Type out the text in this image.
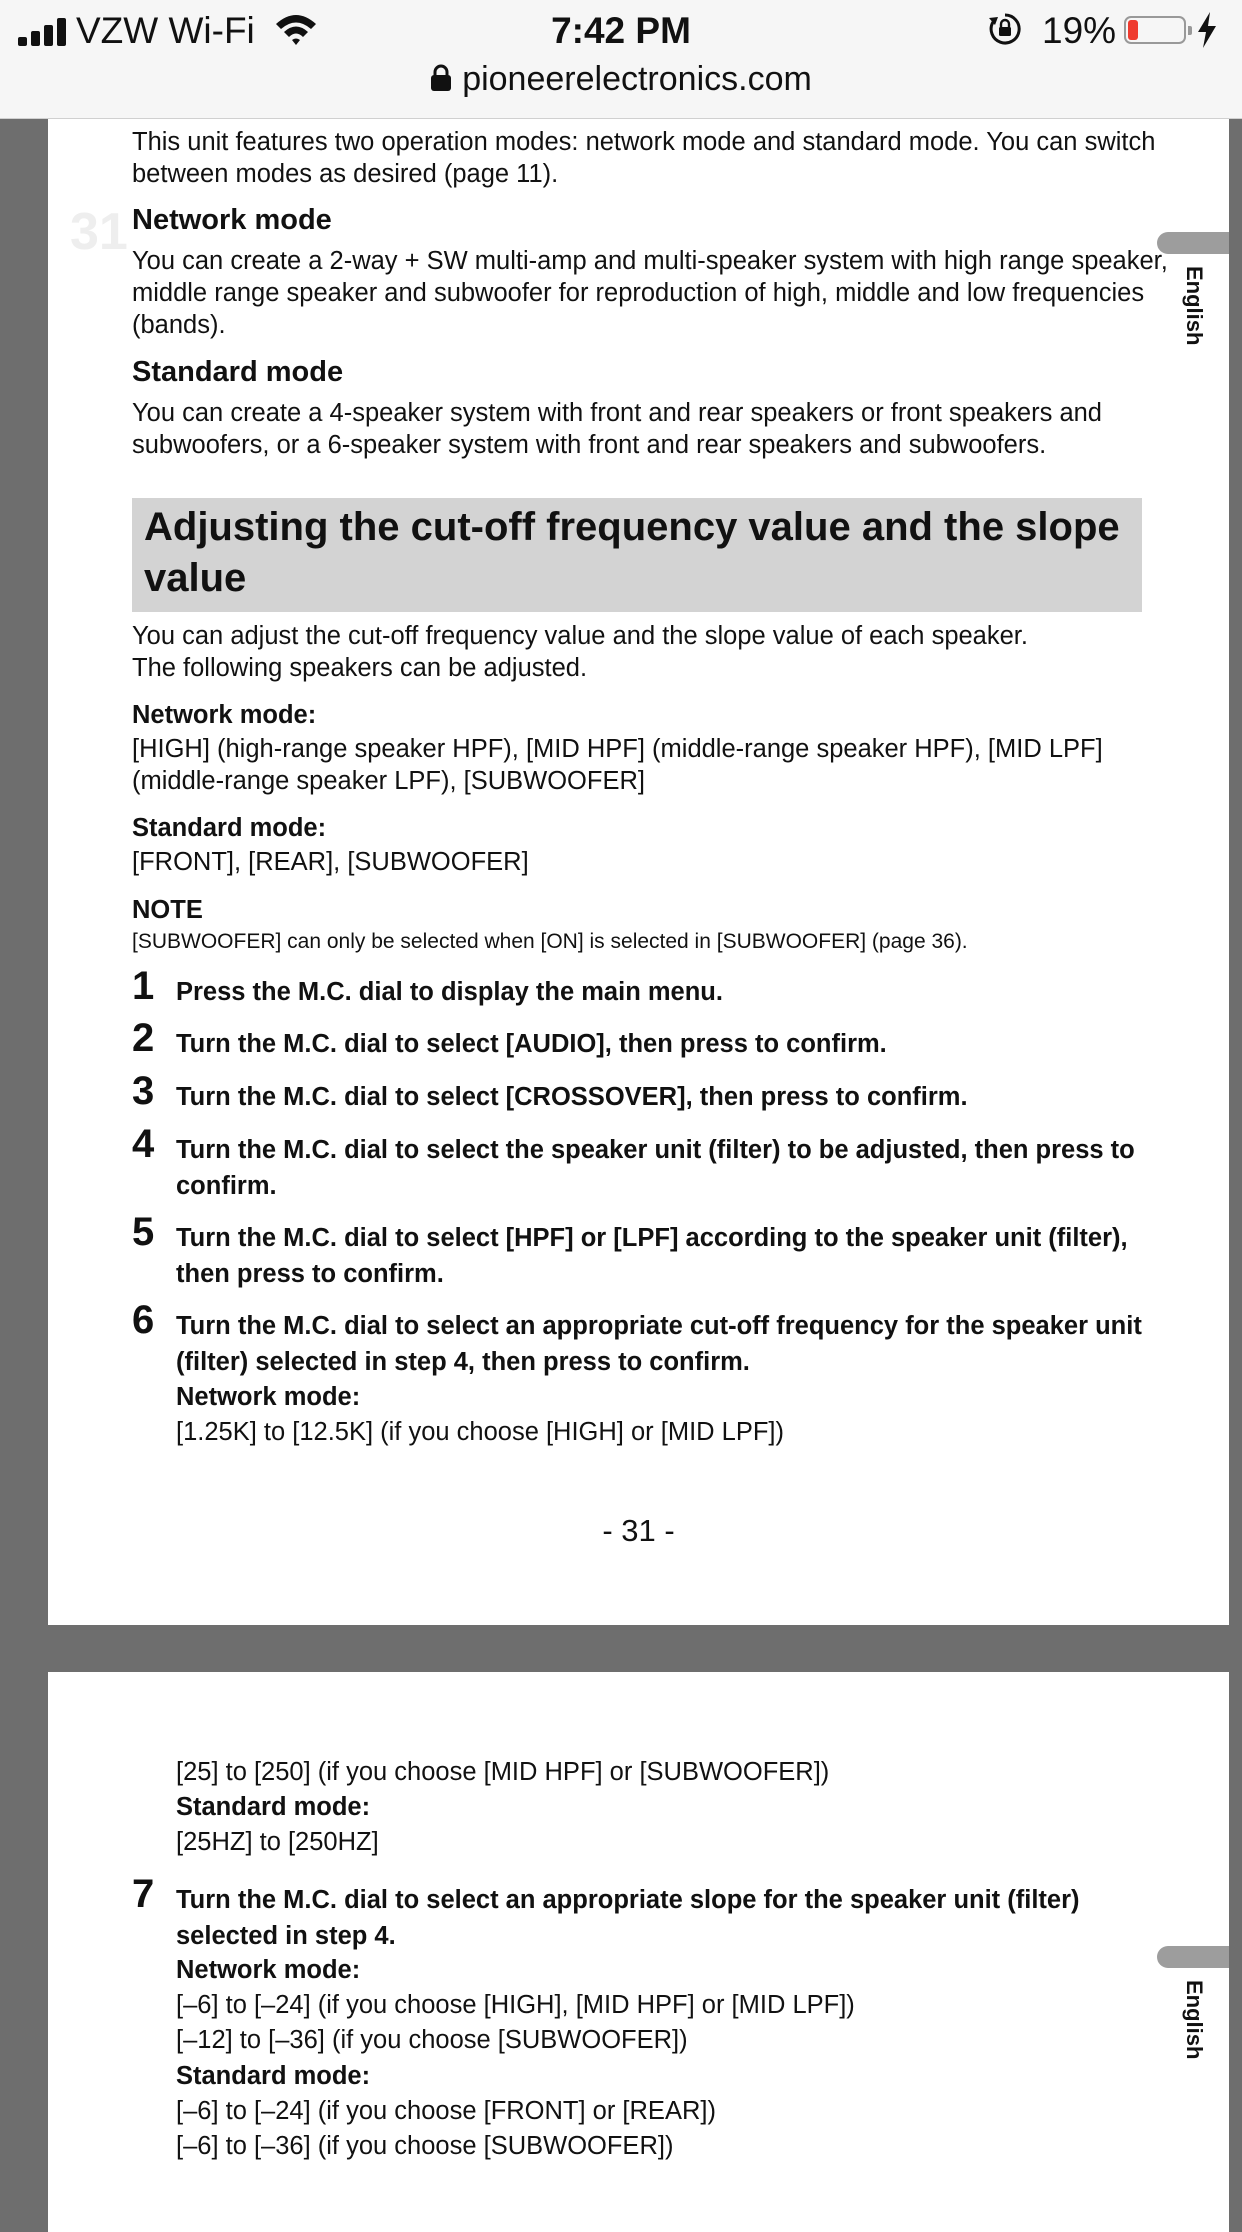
VZW Wi-Fi	7:42 PM	19%
pioneerelectronics.com
31
English

This unit features two operation modes: network mode and standard mode. You can switch between modes as desired (page 11).

Network mode

You can create a 2-way + SW multi-amp and multi-speaker system with high range speaker, middle range speaker and subwoofer for reproduction of high, middle and low frequencies (bands).

Standard mode

You can create a 4-speaker system with front and rear speakers or front speakers and subwoofers, or a 6-speaker system with front and rear speakers and subwoofers.

Adjusting the cut-off frequency value and the slope value

You can adjust the cut-off frequency value and the slope value of each speaker.

The following speakers can be adjusted.

Network mode:

[HIGH] (high-range speaker HPF), [MID HPF] (middle-range speaker HPF), [MID LPF] (middle-range speaker LPF), [SUBWOOFER]

Standard mode:

[FRONT], [REAR], [SUBWOOFER]

NOTE

[SUBWOOFER] can only be selected when [ON] is selected in [SUBWOOFER] (page 36).

1 Press the M.C. dial to display the main menu.
2 Turn the M.C. dial to select [AUDIO], then press to confirm.
3 Turn the M.C. dial to select [CROSSOVER], then press to confirm.
4 Turn the M.C. dial to select the speaker unit (filter) to be adjusted, then press to confirm.
5 Turn the M.C. dial to select [HPF] or [LPF] according to the speaker unit (filter), then press to confirm.
6 Turn the M.C. dial to select an appropriate cut-off frequency for the speaker unit (filter) selected in step 4, then press to confirm.

Network mode:

[1.25K] to [12.5K] (if you choose [HIGH] or [MID LPF])

- 31 -
English

[25] to [250] (if you choose [MID HPF] or [SUBWOOFER])

Standard mode:

[25HZ] to [250HZ]

7 Turn the M.C. dial to select an appropriate slope for the speaker unit (filter) selected in step 4.

Network mode:

[–6] to [–24] (if you choose [HIGH], [MID HPF] or [MID LPF])

[–12] to [–36] (if you choose [SUBWOOFER])

Standard mode:

[–6] to [–24] (if you choose [FRONT] or [REAR])

[–6] to [–36] (if you choose [SUBWOOFER])
